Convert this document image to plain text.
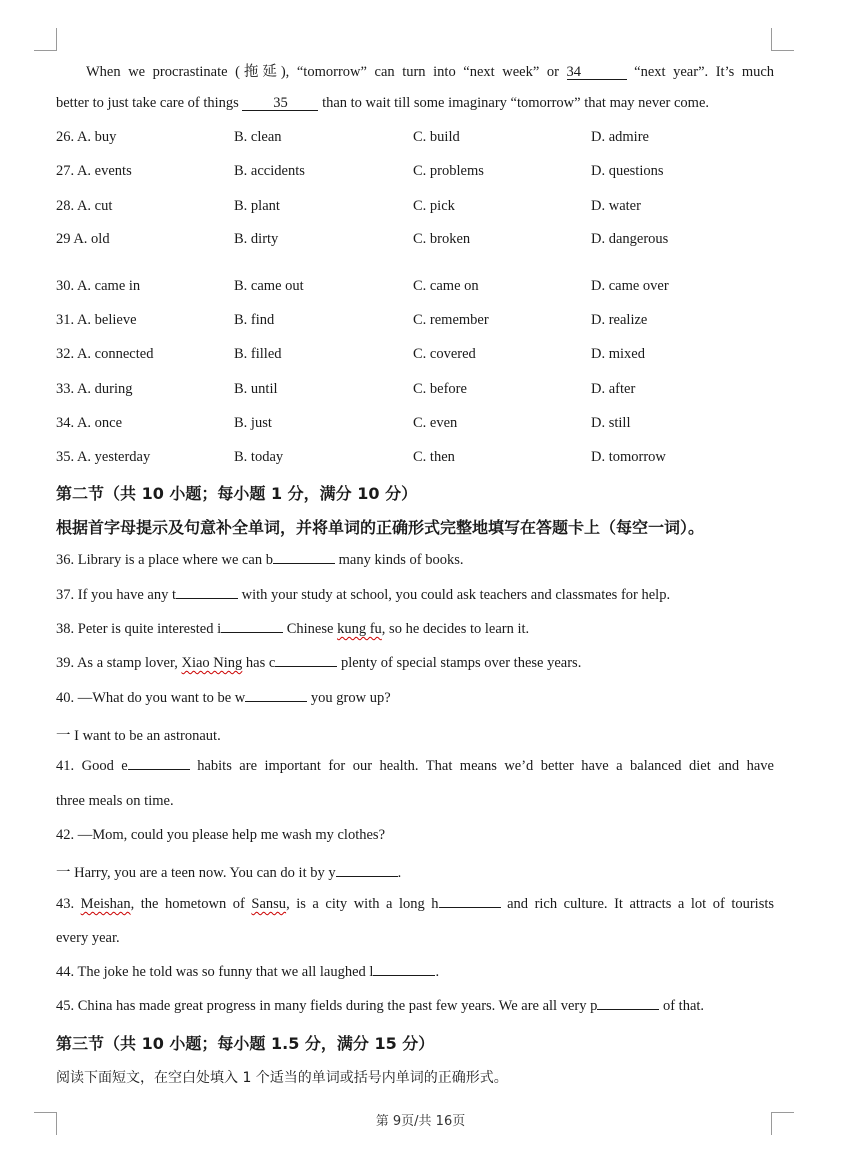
When we procrastinate (拖延), “tomorrow” can turn into “next week” or 34	“next year”. It’s much
better to just take care of things 35 than to wait till some imaginary “tomorrow” that may never come.
26. A. buy	B. clean	C. build	D. admire
27. A. events	B. accidents	C. problems	D. questions
28. A. cut	B. plant	C. pick	D. water
29 A. old	B. dirty	C. broken	D. dangerous
30. A. came in	B. came out	C. came on	D. came over
31. A. believe	B. find	C. remember	D. realize
32. A. connected	B. filled	C. covered	D. mixed
33. A. during	B. until	C. before	D. after
34. A. once	B. just	C. even	D. still
35. A. yesterday	B. today	C. then	D. tomorrow
第二节（共 10 小题；每小题 1 分，满分 10 分）
根据首字母提示及句意补全单词，并将单词的正确形式完整地填写在答题卡上（每空一词）。
36. Library is a place where we can b	many kinds of books.
37. If you have any t	with your study at school, you could ask teachers and classmates for help.
38. Peter is quite interested i	Chinese kung fu, so he decides to learn it.
39. As a stamp lover, Xiao Ning has c	plenty of special stamps over these years.
40. —What do you want to be w	you grow up?
一 I want to be an astronaut.
41. Good e	habits are important for our health. That means we’d better have a balanced diet and have
three meals on time.
42. —Mom, could you please help me wash my clothes?
一 Harry, you are a teen now. You can do it by y	.
43. Meishan, the hometown of Sansu, is a city with a long h	and rich culture. It attracts a lot of tourists
every year.
44. The joke he told was so funny that we all laughed l	.
45. China has made great progress in many fields during the past few years. We are all very p	of that.
第三节（共 10 小题；每小题 1.5 分，满分 15 分）
阅读下面短文，在空白处填入 1 个适当的单词或括号内单词的正确形式。
第 9页/共 16页
